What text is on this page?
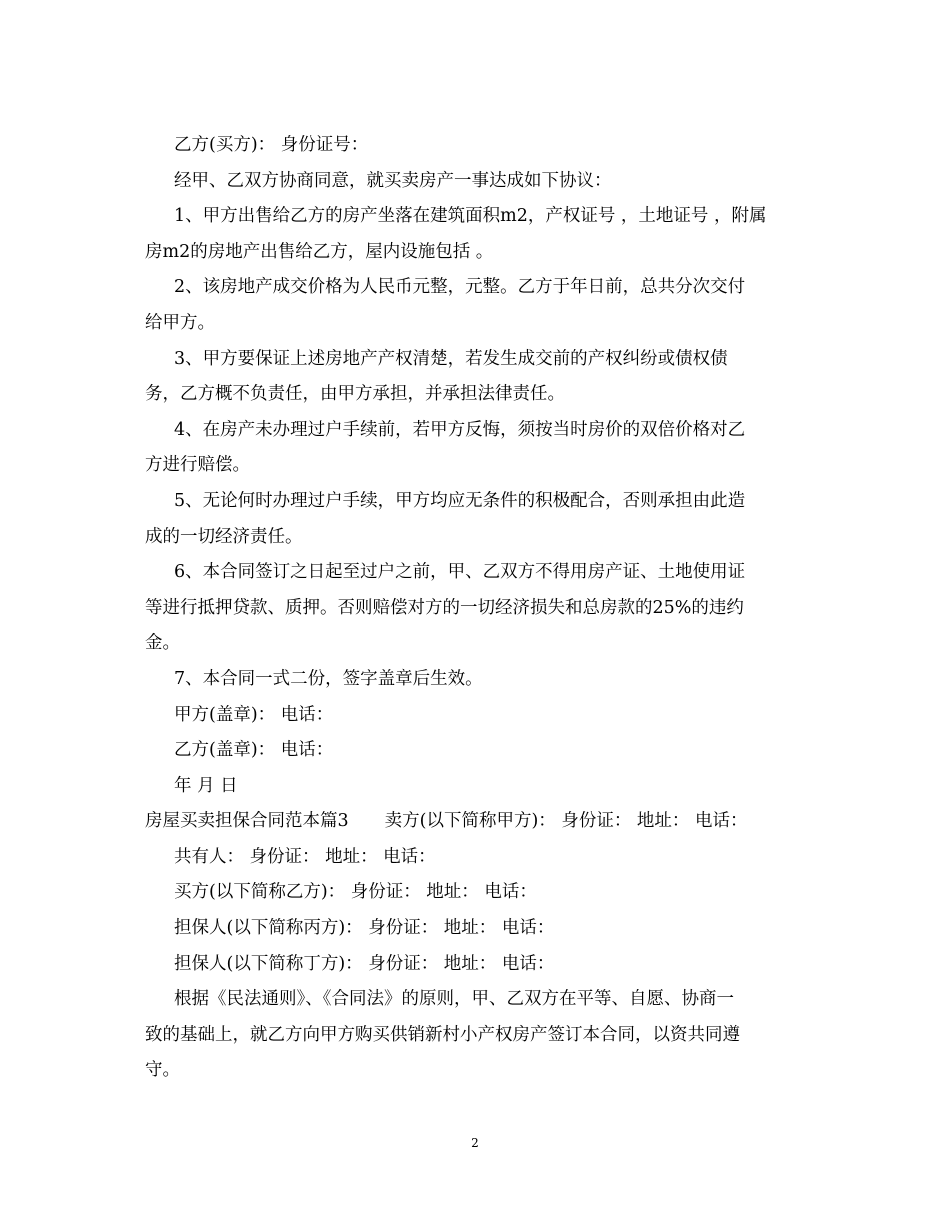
乙方(买方)： 身份证号：
经甲、乙双方协商同意，就买卖房产一事达成如下协议：
1、甲方出售给乙方的房产坐落在建筑面积m2，产权证号 ，土地证号 ，附属
房m2的房地产出售给乙方，屋内设施包括 。
2、该房地产成交价格为人民币元整，元整。乙方于年日前，总共分次交付
给甲方。
3、甲方要保证上述房地产产权清楚，若发生成交前的产权纠纷或债权债
务，乙方概不负责任，由甲方承担，并承担法律责任。
4、在房产未办理过户手续前，若甲方反悔，须按当时房价的双倍价格对乙
方进行赔偿。
5、无论何时办理过户手续，甲方均应无条件的积极配合，否则承担由此造
成的一切经济责任。
6、本合同签订之日起至过户之前，甲、乙双方不得用房产证、土地使用证
等进行抵押贷款、质押。否则赔偿对方的一切经济损失和总房款的25%的违约
金。
7、本合同一式二份，签字盖章后生效。
甲方(盖章)： 电话：
乙方(盖章)： 电话：
年 月 日
房屋买卖担保合同范本篇3 卖方(以下简称甲方)： 身份证： 地址： 电话：
共有人： 身份证： 地址： 电话：
买方(以下简称乙方)： 身份证： 地址： 电话：
担保人(以下简称丙方)： 身份证： 地址： 电话：
担保人(以下简称丁方)： 身份证： 地址： 电话：
根据《民法通则》、《合同法》的原则，甲、乙双方在平等、自愿、协商一
致的基础上，就乙方向甲方购买供销新村小产权房产签订本合同，以资共同遵
守。
2
